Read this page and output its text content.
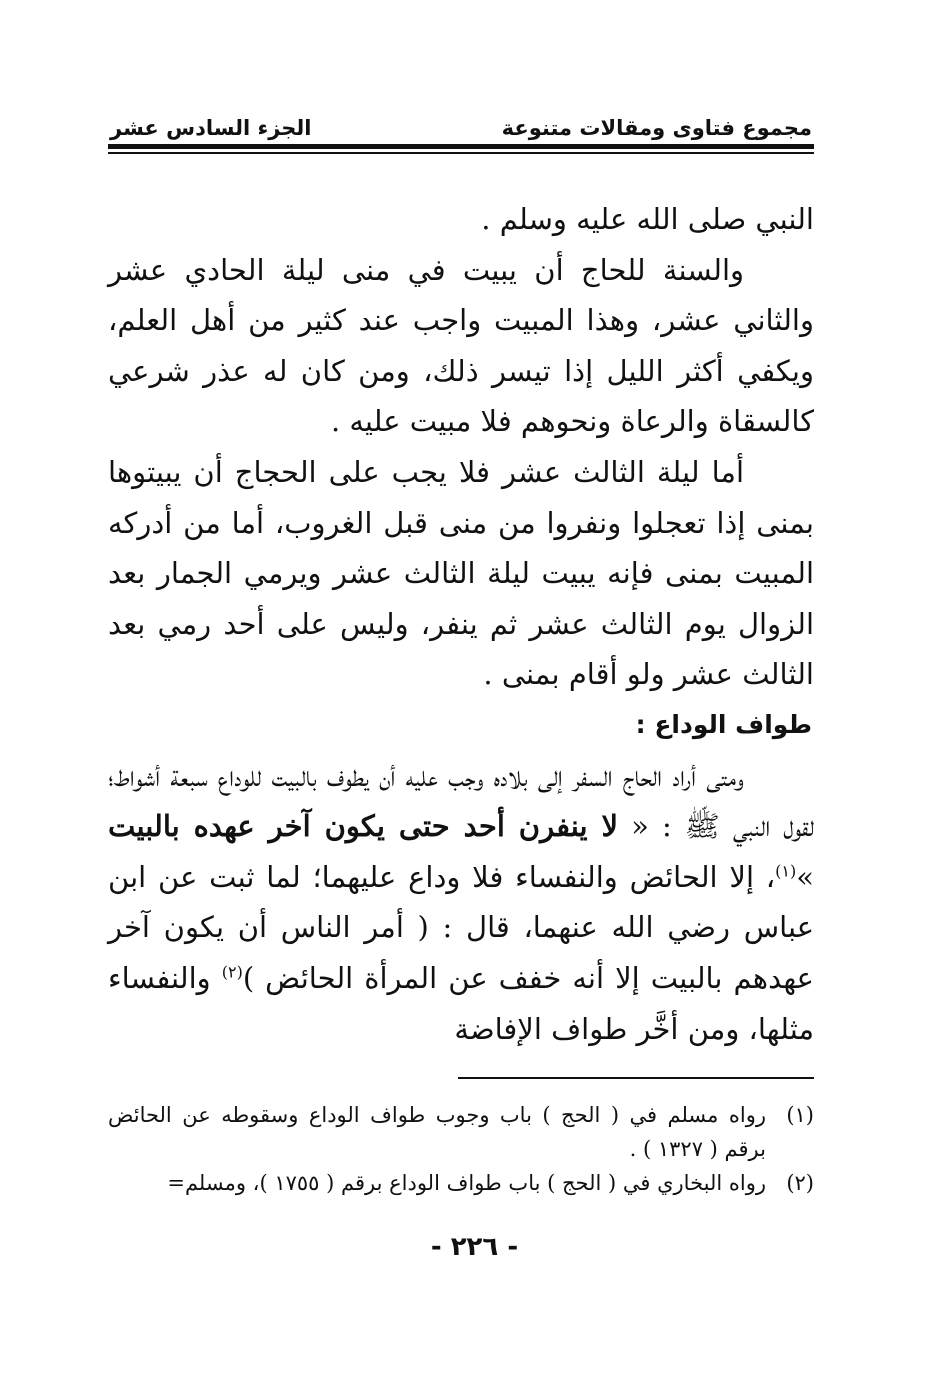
مجموع فتاوى ومقالات متنوعة
الجزء السادس عشر

النبي صلى الله عليه وسلم .

والسنة للحاج أن يبيت في منى ليلة الحادي عشر والثاني عشر، وهذا المبيت واجب عند كثير من أهل العلم، ويكفي أكثر الليل إذا تيسر ذلك، ومن كان له عذر شرعي كالسقاة والرعاة ونحوهم فلا مبيت عليه .

أما ليلة الثالث عشر فلا يجب على الحجاج أن يبيتوها بمنى إذا تعجلوا ونفروا من منى قبل الغروب، أما من أدركه المبيت بمنى فإنه يبيت ليلة الثالث عشر ويرمي الجمار بعد الزوال يوم الثالث عشر ثم ينفر، وليس على أحد رمي بعد الثالث عشر ولو أقام بمنى .

طواف الوداع :

ومتى أراد الحاج السفر إلى بلاده وجب عليه أن يطوف بالبيت للوداع سبعة أشواط؛ لقول النبي ﷺ : « لا ينفرن أحد حتى يكون آخر عهده بالبيت »$^{(١)}$، إلا الحائض والنفساء فلا وداع عليهما؛ لما ثبت عن ابن عباس رضي الله عنهما، قال : ( أمر الناس أن يكون آخر عهدهم بالبيت إلا أنه خفف عن المرأة الحائض )$^{(٢)}$ والنفساء مثلها، ومن أخَّر طواف الإفاضة

(١)
رواه مسلم في ( الحج ) باب وجوب طواف الوداع وسقوطه عن الحائض برقم ( ١٣٢٧ ) .
(٢)
رواه البخاري في ( الحج ) باب طواف الوداع برقم ( ١٧٥٥ )، ومسلم=
- ٢٢٦ -
